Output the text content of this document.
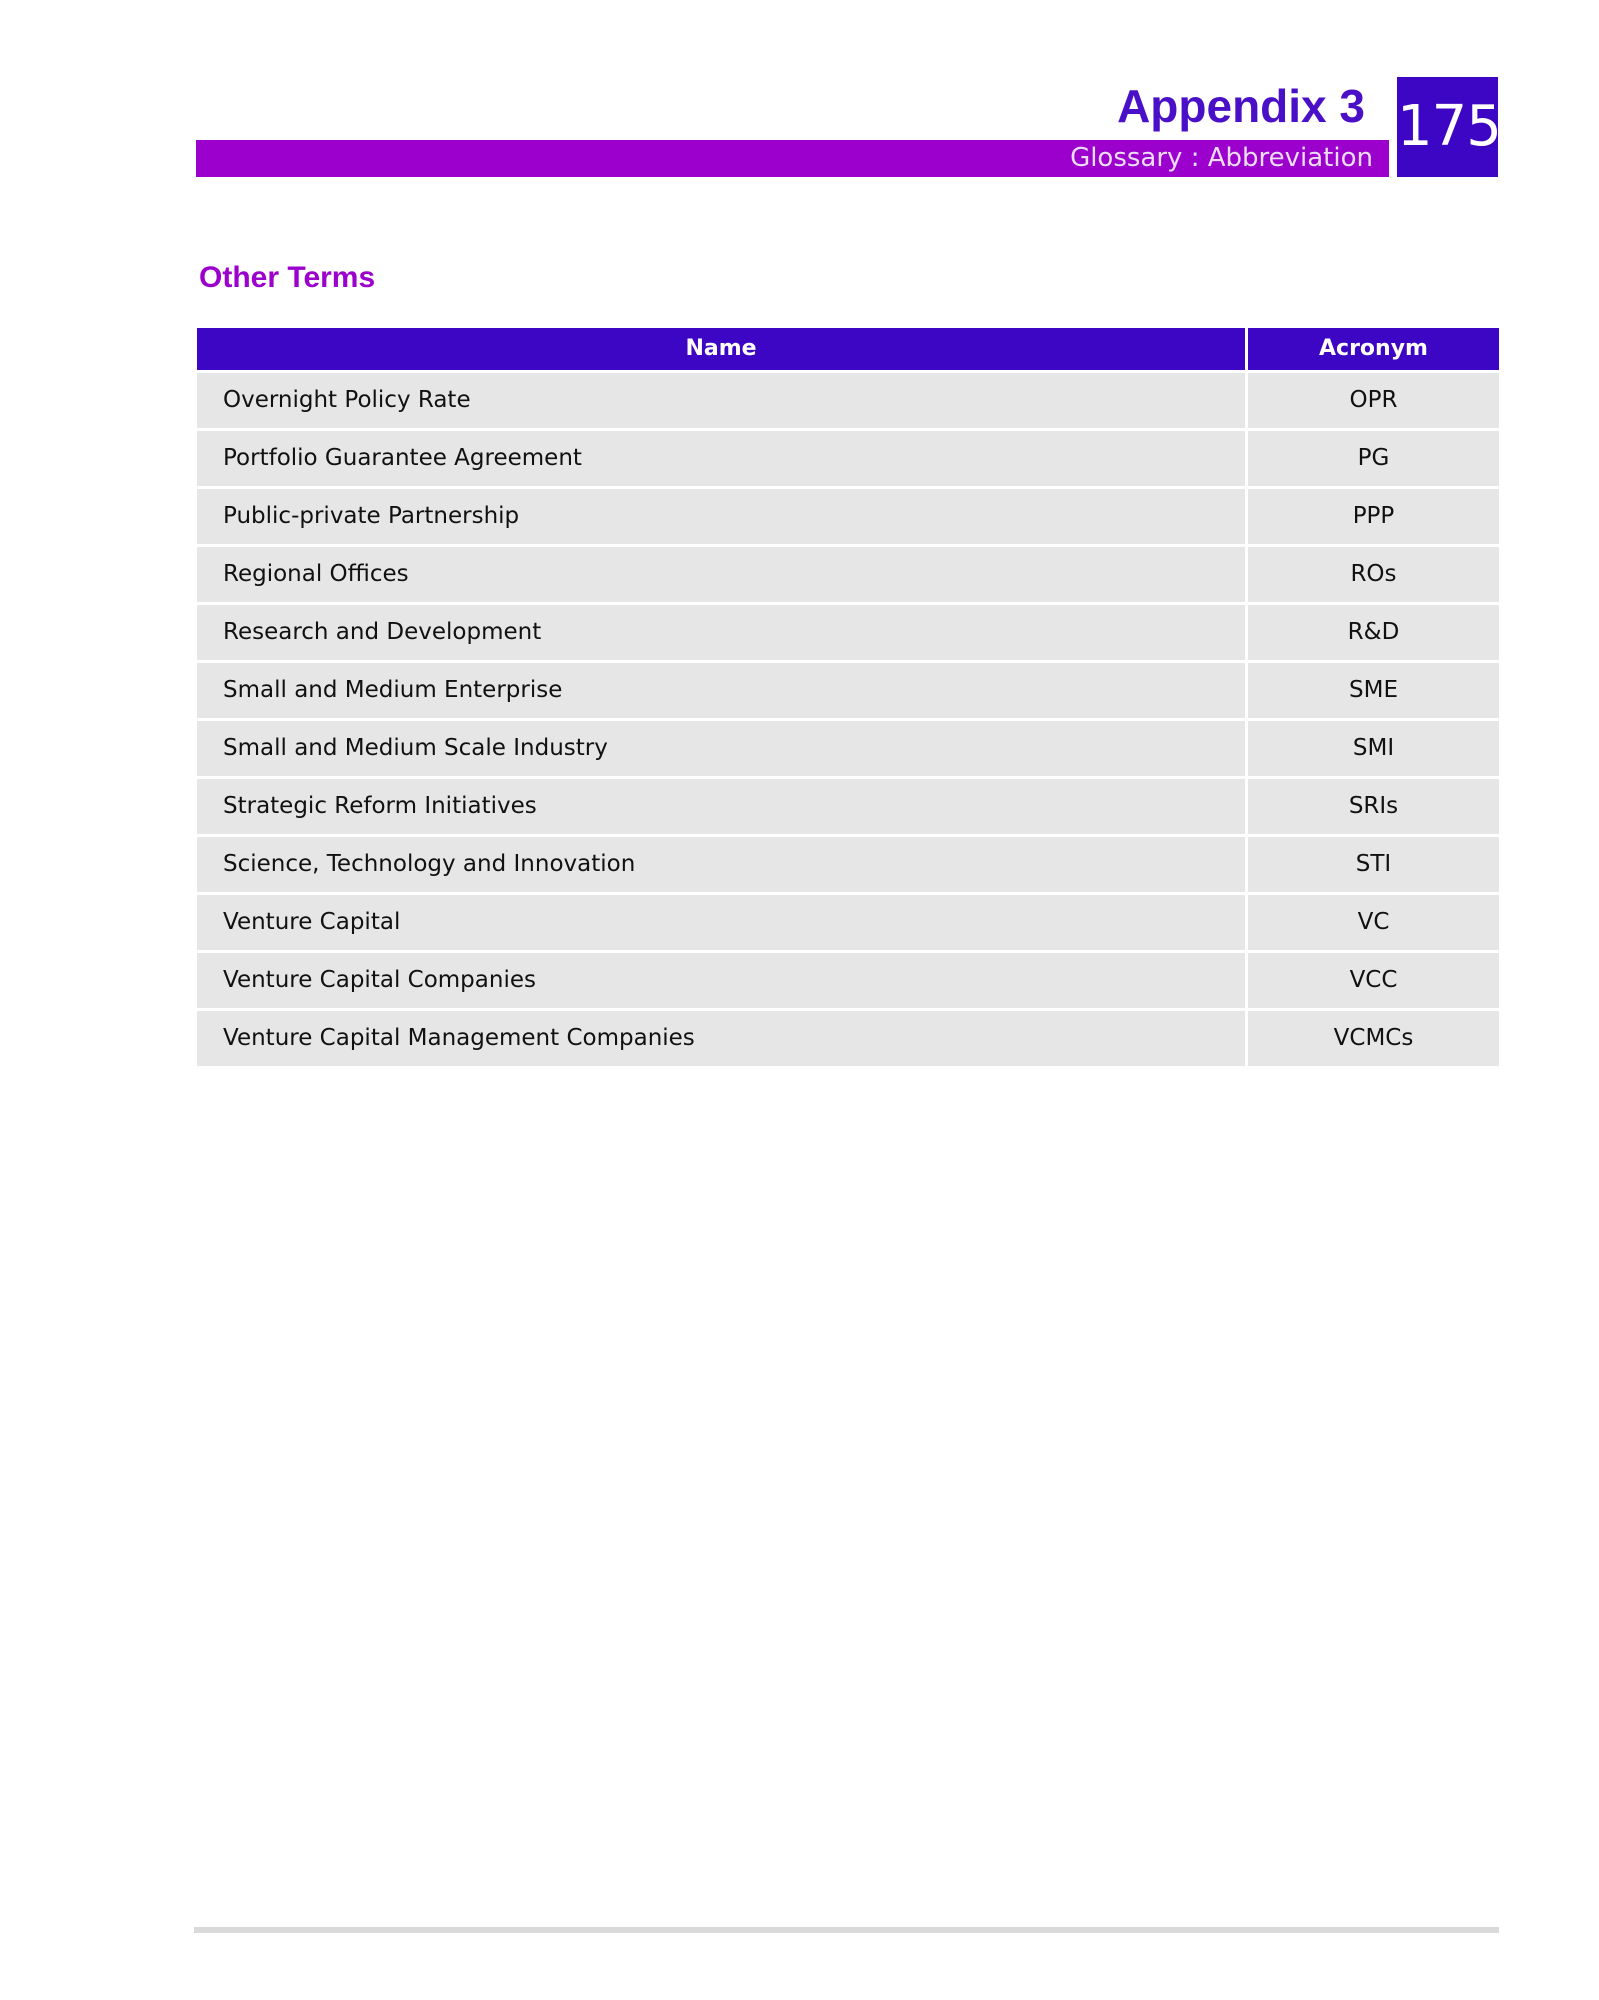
Appendix 3
Glossary : Abbreviation 175
Other Terms
Name	Acronym
Overnight Policy Rate	OPR
Portfolio Guarantee Agreement	PG
Public-private Partnership	PPP
Regional Offices	ROs
Research and Development	R&D
Small and Medium Enterprise	SME
Small and Medium Scale Industry	SMI
Strategic Reform Initiatives	SRIs
Science, Technology and Innovation	STI
Venture Capital	VC
Venture Capital Companies	VCC
Venture Capital Management Companies	VCMCs
